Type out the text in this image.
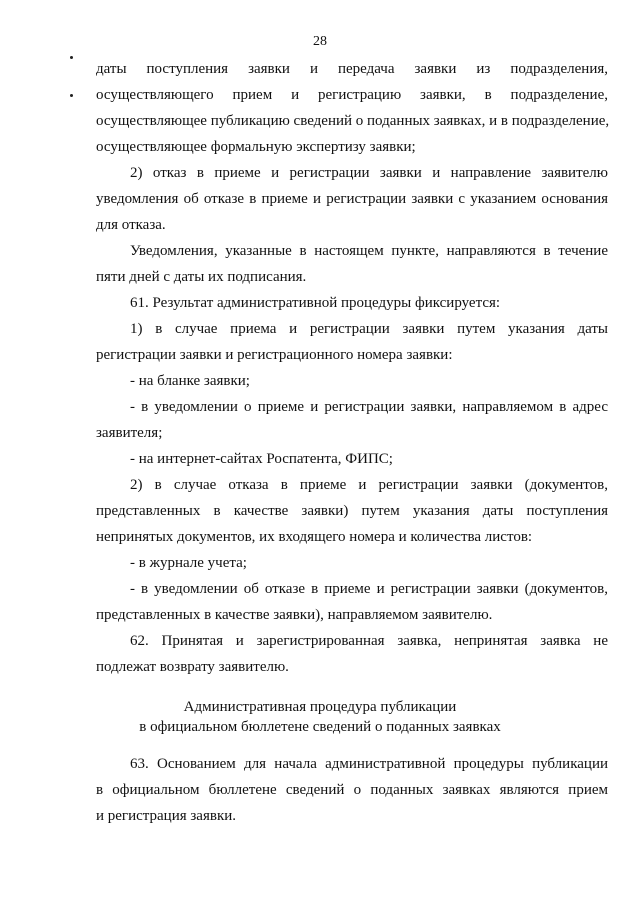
28
даты поступления заявки и передача заявки из подразделения,
осуществляющего прием и регистрацию заявки, в подразделение,
осуществляющее публикацию сведений о поданных заявках, и в подразделение,
осуществляющее формальную экспертизу заявки;
2) отказ в приеме и регистрации заявки и направление заявителю
уведомления об отказе в приеме и регистрации заявки с указанием основания
для отказа.
Уведомления, указанные в настоящем пункте, направляются в течение
пяти дней с даты их подписания.
61. Результат административной процедуры фиксируется:
1) в случае приема и регистрации заявки путем указания даты
регистрации заявки и регистрационного номера заявки:
- на бланке заявки;
- в уведомлении о приеме и регистрации заявки, направляемом в адрес
заявителя;
- на интернет-сайтах Роспатента, ФИПС;
2) в случае отказа в приеме и регистрации заявки (документов,
представленных в качестве заявки) путем указания даты поступления
непринятых документов, их входящего номера и количества листов:
- в журнале учета;
- в уведомлении об отказе в приеме и регистрации заявки (документов,
представленных в качестве заявки), направляемом заявителю.
62. Принятая и зарегистрированная заявка, непринятая заявка не
подлежат возврату заявителю.
Административная процедура публикации
в официальном бюллетене сведений о поданных заявках
63. Основанием для начала административной процедуры публикации
в официальном бюллетене сведений о поданных заявках являются прием
и регистрация заявки.
